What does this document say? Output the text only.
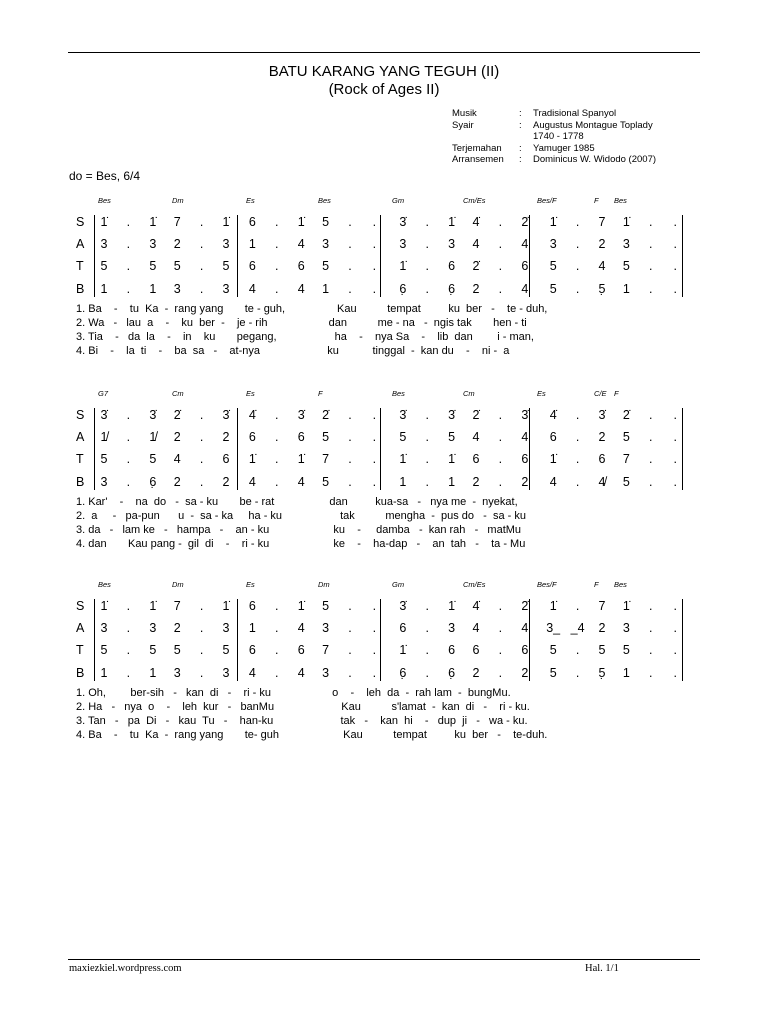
BATU KARANG YANG TEGUH (II)
(Rock of Ages II)
Musik	:	Tradisional Spanyol
Syair	:	Augustus Montague Toplady
1740 - 1778
Terjemahan	:	Yamuger 1985
Arransemen	:	Dominicus W. Widodo (2007)
do = Bes, 6/4
Bes	Dm	Es	Bes	Gm	Cm/Es	Bes/F	F Bes
S 1̇	.	1̇ 7	.	1̇ 6	.	1̇ 5	.	.	3̇	.	1̇ 4̇	.	2̇ 1̇	.	7 1̇	.	.
A 3	.	3 2	.	3 1	.	4 3	.	.	3	.	3 4	.	4 3	.	2 3	.	.
T 5	.	5 5	.	5 6	.	6 5	.	.	1̇	.	6 2̇	.	6 5	.	4 5	.	.
B 1	.	1 3	.	3 4	.	4 1	.	.	6̣	.	6̣ 2	.	4 5	.	5̣ 1	.	.
1. Ba    -    tu  Ka  -  rang yang       te - guh,                 Kau          tempat         ku  ber   -    te - duh,
2. Wa   -   lau  a    -    ku  ber  -    je - rih                    dan          me - na   -  ngis tak       hen - ti
3. Tia    -   da  la    -    in    ku       pegang,                   ha    -    nya Sa    -    lib  dan        i - man,
4. Bi    -    la  ti    -    ba  sa   -    at-nya                      ku           tinggal  -  kan du    -    ni -  a
G7	Cm	Es	F	Bes	Cm	Es	C/E F
S 3̇	.	3̇ 2̇	.	3̇ 4̇	.	3̇ 2̇	.	.	3̇	.	3̇ 2̇	.	3̇ 4̇	.	3̇ 2̇	.	.
A 1̸	.	1̸ 2	.	2 6	.	6 5	.	.	5	.	5 4	.	4 6	.	2 5	.	.
T 5	.	5 4	.	6 1̇	.	1̇ 7	.	.	1̇	.	1̇ 6	.	6 1̇	.	6 7	.	.
B 3	.	6̣ 2	.	2 4	.	4 5	.	.	1	.	1 2	.	2 4	.	4̸ 5	.	.
1. Kar'    -    na  do   -  sa - ku       be - rat                  dan         kua-sa   -   nya me  -  nyekat,
2.  a     -   pa-pun      u  -  sa - ka     ha - ku                   tak          mengha  -  pus do   -  sa - ku
3. da   -   lam ke   -   hampa   -    an - ku                     ku    -     damba   -  kan rah   -   matMu
4. dan       Kau pang -  gil  di    -    ri - ku                     ke    -    ha-dap   -    an  tah   -    ta - Mu
Bes	Dm	Es	Dm	Gm	Cm/Es	Bes/F	F Bes
S 1̇	.	1̇ 7	.	1̇ 6	.	1̇ 5	.	.	3̇	.	1̇ 4̇	.	2̇ 1̇	.	7 1̇	.	.
A 3	.	3 2	.	3 1	.	4 3	.	.	6	.	3 4	.	4 3_ _4 2 3	.	.
T 5	.	5 5	.	5 6	.	6 7	.	.	1̇	.	6 6	.	6 5	.	5 5	.	.
B 1	.	1 3	.	3 4	.	4 3	.	.	6̣	.	6̣ 2	.	2 5	.	5̣ 1	.	.
1. Oh,        ber-sih   -   kan  di   -    ri - ku                    o    -    leh  da  -  rah lam  -  bungMu.
2. Ha   -   nya  o    -    leh  kur   -   banMu                      Kau          s'lamat  -  kan  di   -    ri - ku.
3. Tan   -   pa  Di   -   kau  Tu   -    han-ku                      tak   -    kan  hi    -   dup  ji   -   wa - ku.
4. Ba    -    tu  Ka  -  rang yang       te- guh                     Kau          tempat         ku  ber   -    te-duh.
maxiezkiel.wordpress.com	Hal. 1/1
